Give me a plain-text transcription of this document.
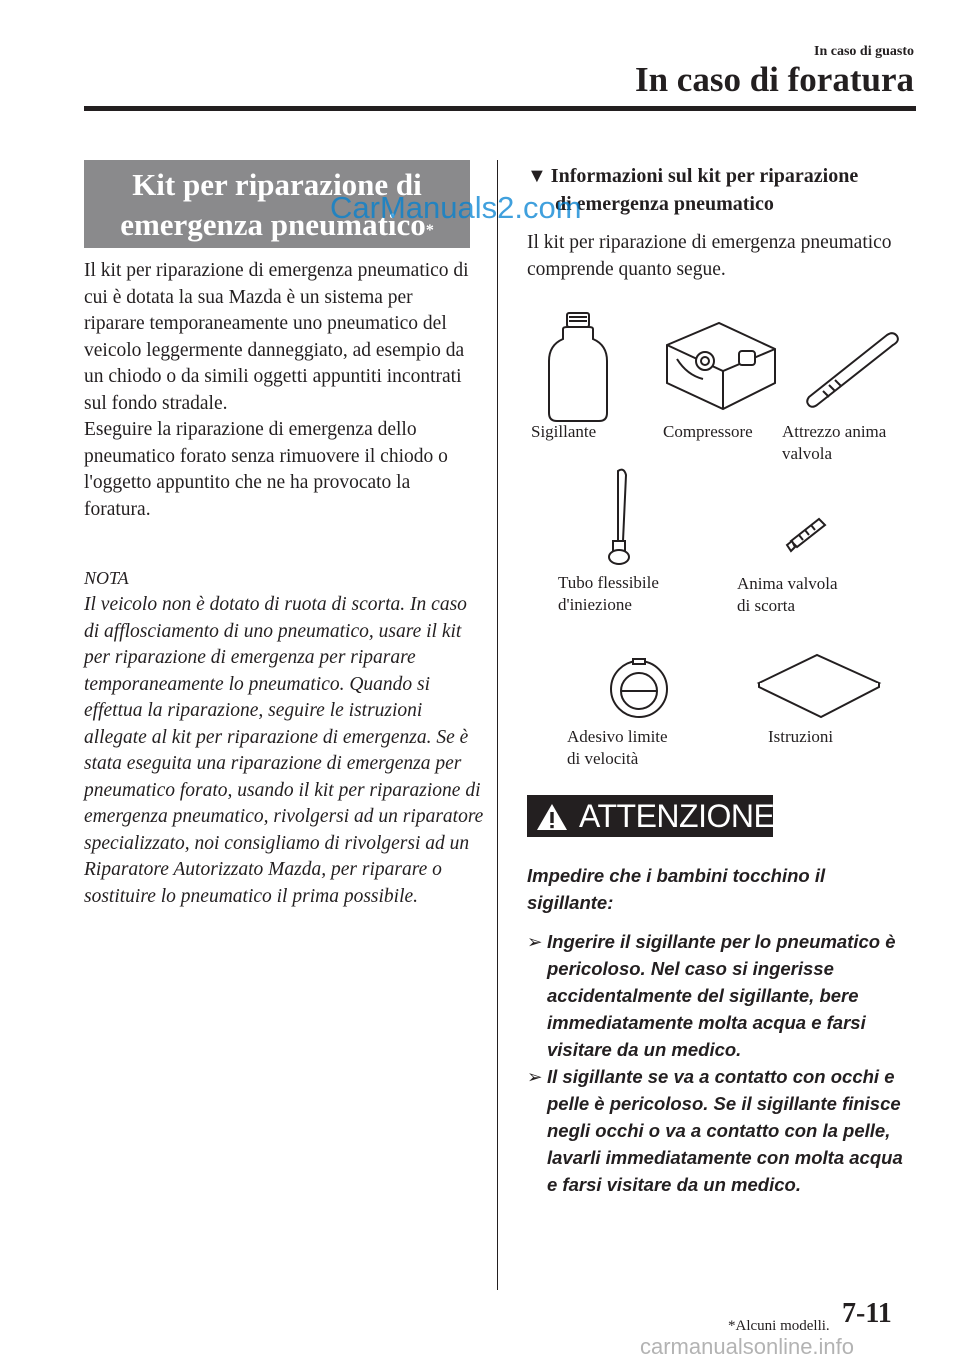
In caso di guasto
In caso di foratura
Kit per riparazione di
emergenza pneumatico*
Il kit per riparazione di emergenza pneumatico di cui è dotata la sua Mazda è un sistema per riparare temporaneamente uno pneumatico del veicolo leggermente danneggiato, ad esempio da un chiodo o da simili oggetti appuntiti incontrati sul fondo stradale.
Eseguire la riparazione di emergenza dello pneumatico forato senza rimuovere il chiodo o l'oggetto appuntito che ne ha provocato la foratura.
NOTA
Il veicolo non è dotato di ruota di scorta. In caso di afflosciamento di uno pneumatico, usare il kit per riparazione di emergenza per riparare temporaneamente lo pneumatico. Quando si effettua la riparazione, seguire le istruzioni allegate al kit per riparazione di emergenza. Se è stata eseguita una riparazione di emergenza per pneumatico forato, usando il kit per riparazione di emergenza pneumatico, rivolgersi ad un riparatore specializzato, noi consigliamo di rivolgersi ad un Riparatore Autorizzato Mazda, per riparare o sostituire lo pneumatico il prima possibile.
▼ Informazioni sul kit per riparazione
di emergenza pneumatico
Il kit per riparazione di emergenza pneumatico comprende quanto segue.
Sigillante	Compressore Attrezzo anima
valvola
Tubo flessibile
d'iniezione
Anima valvola
di scorta
Adesivo limite
di velocità
Istruzioni
ATTENZIONE
Impedire che i bambini tocchino il sigillante:
➢ Ingerire il sigillante per lo pneumatico è pericoloso. Nel caso si ingerisse accidentalmente del sigillante, bere immediatamente molta acqua e farsi visitare da un medico.
➢ Il sigillante se va a contatto con occhi e pelle è pericoloso. Se il sigillante finisce negli occhi o va a contatto con la pelle, lavarli immediatamente con molta acqua e farsi visitare da un medico.
*Alcuni modelli. 7-11
CarManuals2.com
carmanualsonline.info
